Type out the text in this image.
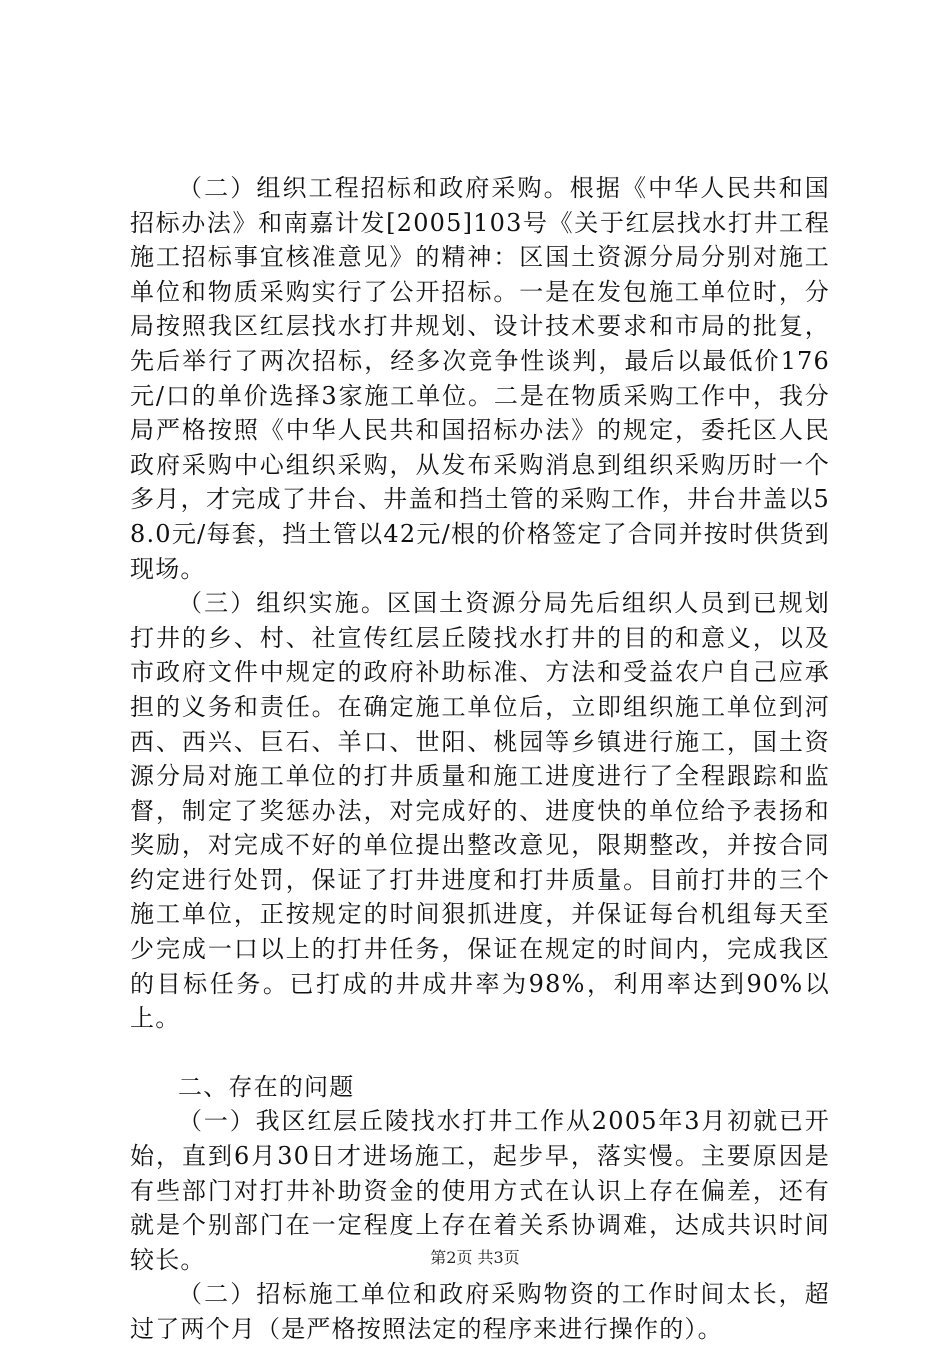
（二）组织工程招标和政府采购。根据《中华人民共和国招标办法》和南嘉计发[2005]103号《关于红层找水打井工程施工招标事宜核准意见》的精神：区国土资源分局分别对施工单位和物质采购实行了公开招标。一是在发包施工单位时，分局按照我区红层找水打井规划、设计技术要求和市局的批复，先后举行了两次招标，经多次竞争性谈判，最后以最低价176元/口的单价选择3家施工单位。二是在物质采购工作中，我分局严格按照《中华人民共和国招标办法》的规定，委托区人民政府采购中心组织采购，从发布采购消息到组织采购历时一个多月，才完成了井台、井盖和挡土管的采购工作，井台井盖以58.0元/每套，挡土管以42元/根的价格签定了合同并按时供货到现场。

（三）组织实施。区国土资源分局先后组织人员到已规划打井的乡、村、社宣传红层丘陵找水打井的目的和意义，以及市政府文件中规定的政府补助标准、方法和受益农户自己应承担的义务和责任。在确定施工单位后，立即组织施工单位到河西、西兴、巨石、羊口、世阳、桃园等乡镇进行施工，国土资源分局对施工单位的打井质量和施工进度进行了全程跟踪和监督，制定了奖惩办法，对完成好的、进度快的单位给予表扬和奖励，对完成不好的单位提出整改意见，限期整改，并按合同约定进行处罚，保证了打井进度和打井质量。目前打井的三个施工单位，正按规定的时间狠抓进度，并保证每台机组每天至少完成一口以上的打井任务，保证在规定的时间内，完成我区的目标任务。已打成的井成井率为98%，利用率达到90%以上。

二、存在的问题

（一）我区红层丘陵找水打井工作从2005年3月初就已开始，直到6月30日才进场施工，起步早，落实慢。主要原因是有些部门对打井补助资金的使用方式在认识上存在偏差，还有就是个别部门在一定程度上存在着关系协调难，达成共识时间较长。

（二）招标施工单位和政府采购物资的工作时间太长，超过了两个月（是严格按照法定的程序来进行操作的）。

第2页 共3页
